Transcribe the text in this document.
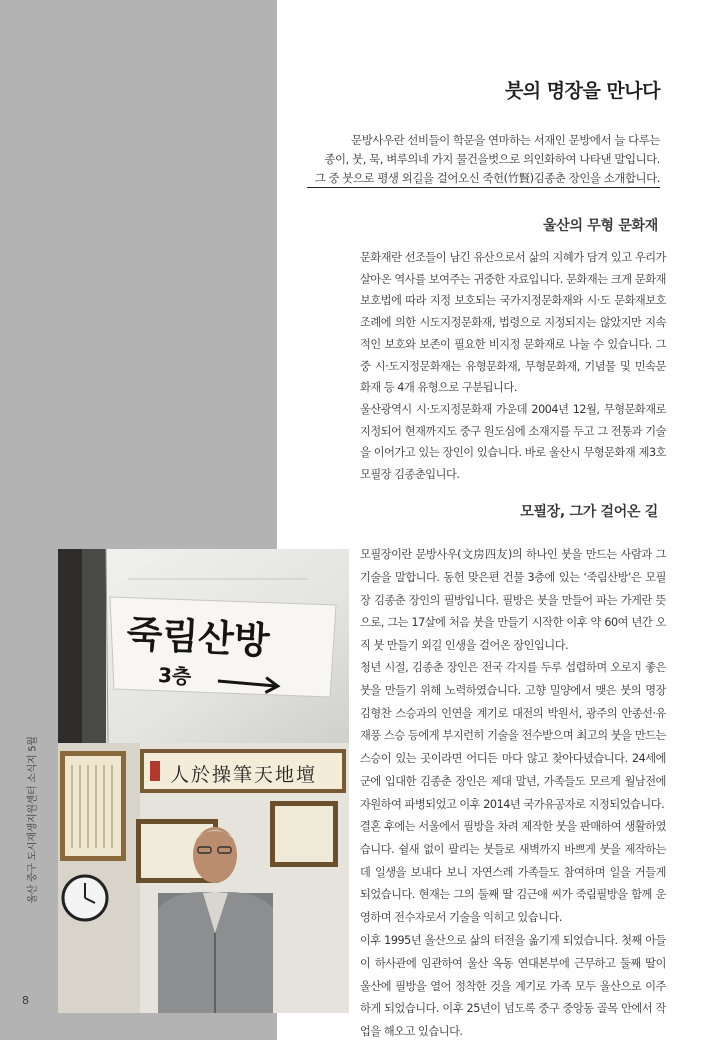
울산 중구 도시재생지원센터 소식지 5월
8
붓의 명장을 만나다
문방사우란 선비들이 학문을 연마하는 서재인 문방에서 늘 다루는
종이, 붓, 묵, 벼루의네 가지 물건을벗으로 의인화하여 나타낸 말입니다.
그 중 붓으로 평생 외길을 걸어오신 죽헌(竹賢)김종춘 장인을 소개합니다.
울산의 무형 문화재

문화재란 선조들이 남긴 유산으로서 삶의 지혜가 담겨 있고 우리가살아온 역사를 보여주는 귀중한 자료입니다. 문화재는 크게 문화재보호법에 따라 지정 보호되는 국가지정문화재와 시·도 문화재보호 조례에 의한 시도지정문화재, 법령으로 지정되지는 않았지만 지속적인 보호와 보존이 필요한 비지정 문화재로 나눌 수 있습니다. 그 중 시·도지정문화재는 유형문화재, 무형문화재, 기념물 및 민속문화재 등 4개 유형으로 구분됩니다.

울산광역시 시·도지정문화재 가운데 2004년 12월, 무형문화재로 지정되어 현재까지도 중구 원도심에 소재지를 두고 그 전통과 기술을 이어가고 있는 장인이 있습니다. 바로 울산시 무형문화재 제3호 모필장 김종춘입니다.

모필장, 그가 걸어온 길

모필장이란 문방사우(文房四友)의 하나인 붓을 만드는 사람과 그 기술을 말합니다. 동헌 맞은편 건물 3층에 있는 ‘죽림산방’은 모필장 김종춘 장인의 필방입니다. 필방은 붓을 만들어 파는 가게란 뜻으로, 그는 17살에 처음 붓을 만들기 시작한 이후 약 60여 년간 오직 붓 만들기 외길 인생을 걸어온 장인입니다.

청년 시절, 김종춘 장인은 전국 각지를 두루 섭렵하며 오로지 좋은 붓을 만들기 위해 노력하였습니다. 고향 밀양에서 맺은 붓의 명장 김형찬 스승과의 인연을 계기로 대전의 박원서, 광주의 안종선·유재풍 스승 등에게 부지런히 기술을 전수받으며 최고의 붓을 만드는 스승이 있는 곳이라면 어디든 마다 않고 찾아다녔습니다. 24세에 군에 입대한 김종춘 장인은 제대 말년, 가족들도 모르게 월남전에 자원하여 파병되었고 이후 2014년 국가유공자로 지정되었습니다.

결혼 후에는 서울에서 필방을 차려 제작한 붓을 판매하여 생활하였습니다. 쉴새 없이 팔리는 붓들로 새벽까지 바쁘게 붓을 제작하는데 일생을 보내다 보니 자연스레 가족들도 참여하며 일을 거들게 되었습니다. 현재는 그의 둘째 딸 김근애 씨가 죽림필방을 함께 운영하며 전수자로서 기술을 익히고 있습니다.

이후 1995년 울산으로 삶의 터전을 옮기게 되었습니다. 첫째 아들이 하사관에 임관하여 울산 옥동 연대본부에 근무하고 둘째 딸이 울산에 필방을 열어 정착한 것을 계기로 가족 모두 울산으로 이주하게 되었습니다. 이후 25년이 넘도록 중구 중앙동 골목 안에서 작업을 해오고 있습니다.

죽림산방
3층
人於操筆天地壇
